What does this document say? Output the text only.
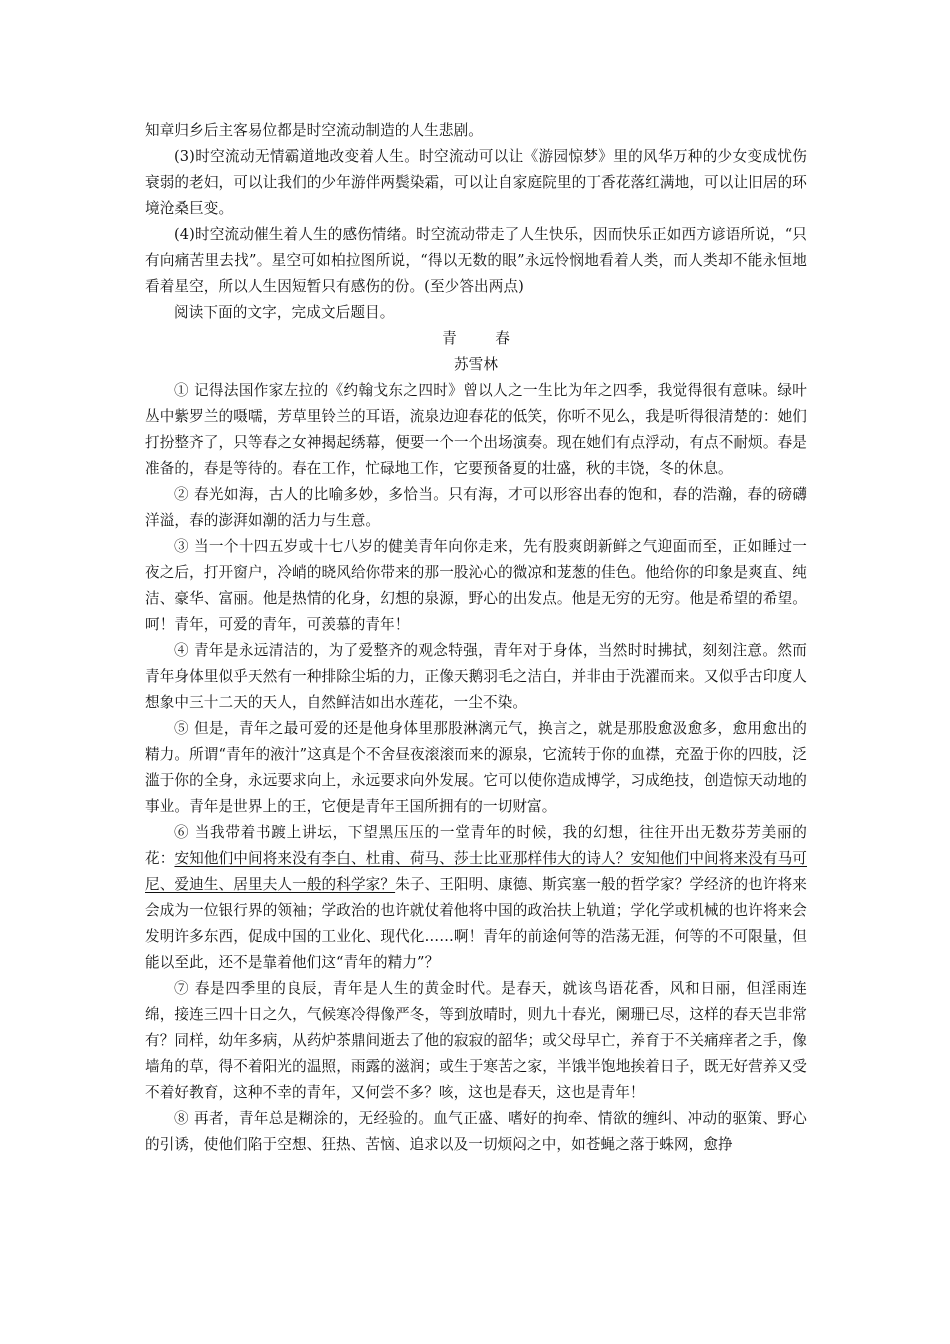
知章归乡后主客易位都是时空流动制造的人生悲剧。

(3)时空流动无情霸道地改变着人生。时空流动可以让《游园惊梦》里的风华万种的少女变成忧伤衰弱的老妇，可以让我们的少年游伴两鬓染霜，可以让自家庭院里的丁香花落红满地，可以让旧居的环境沧桑巨变。

(4)时空流动催生着人生的感伤情绪。时空流动带走了人生快乐，因而快乐正如西方谚语所说，“只有向痛苦里去找”。星空可如柏拉图所说，“得以无数的眼”永远怜悯地看着人类，而人类却不能永恒地看着星空，所以人生因短暂只有感伤的份。(至少答出两点)

阅读下面的文字，完成文后题目。

青　春

苏雪林

① 记得法国作家左拉的《约翰戈东之四时》曾以人之一生比为年之四季，我觉得很有意味。绿叶丛中紫罗兰的嗫嚅，芳草里铃兰的耳语，流泉边迎春花的低笑，你听不见么，我是听得很清楚的：她们打扮整齐了，只等春之女神揭起绣幕，便要一个一个出场演奏。现在她们有点浮动，有点不耐烦。春是准备的，春是等待的。春在工作，忙碌地工作，它要预备夏的壮盛，秋的丰饶，冬的休息。

② 春光如海，古人的比喻多妙，多恰当。只有海，才可以形容出春的饱和，春的浩瀚，春的磅礴洋溢，春的澎湃如潮的活力与生意。

③ 当一个十四五岁或十七八岁的健美青年向你走来，先有股爽朗新鲜之气迎面而至，正如睡过一夜之后，打开窗户，冷峭的晓风给你带来的那一股沁心的微凉和茏葱的佳色。他给你的印象是爽直、纯洁、豪华、富丽。他是热情的化身，幻想的泉源，野心的出发点。他是无穷的无穷。他是希望的希望。呵！青年，可爱的青年，可羡慕的青年！

④ 青年是永远清洁的，为了爱整齐的观念特强，青年对于身体，当然时时拂拭，刻刻注意。然而青年身体里似乎天然有一种排除尘垢的力，正像天鹅羽毛之洁白，并非由于洗濯而来。又似乎古印度人想象中三十二天的天人，自然鲜洁如出水莲花，一尘不染。

⑤ 但是，青年之最可爱的还是他身体里那股淋漓元气，换言之，就是那股愈汲愈多，愈用愈出的精力。所谓“青年的液汁”这真是个不舍昼夜滚滚而来的源泉，它流转于你的血襟，充盈于你的四肢，泛滥于你的全身，永远要求向上，永远要求向外发展。它可以使你造成博学，习成绝技，创造惊天动地的事业。青年是世界上的王，它便是青年王国所拥有的一切财富。

⑥ 当我带着书踱上讲坛，下望黑压压的一堂青年的时候，我的幻想，往往开出无数芬芳美丽的花：安知他们中间将来没有李白、杜甫、荷马、莎士比亚那样伟大的诗人？安知他们中间将来没有马可尼、爱迪生、居里夫人一般的科学家？朱子、王阳明、康德、斯宾塞一般的哲学家？学经济的也许将来会成为一位银行界的领袖；学政治的也许就仗着他将中国的政治扶上轨道；学化学或机械的也许将来会发明许多东西，促成中国的工业化、现代化……啊！青年的前途何等的浩荡无涯，何等的不可限量，但能以至此，还不是靠着他们这“青年的精力”？

⑦ 春是四季里的良辰，青年是人生的黄金时代。是春天，就该鸟语花香，风和日丽，但淫雨连绵，接连三四十日之久，气候寒冷得像严冬，等到放晴时，则九十春光，阑珊已尽，这样的春天岂非常有？同样，幼年多病，从药炉茶鼎间逝去了他的寂寂的韶华；或父母早亡，养育于不关痛痒者之手，像墙角的草，得不着阳光的温照，雨露的滋润；或生于寒苦之家，半饿半饱地挨着日子，既无好营养又受不着好教育，这种不幸的青年，又何尝不多？咳，这也是春天，这也是青年！

⑧ 再者，青年总是糊涂的，无经验的。血气正盛、嗜好的拘牵、情欲的缠纠、冲动的驱策、野心的引诱，使他们陷于空想、狂热、苦恼、追求以及一切烦闷之中，如苍蝇之落于蛛网，愈挣
